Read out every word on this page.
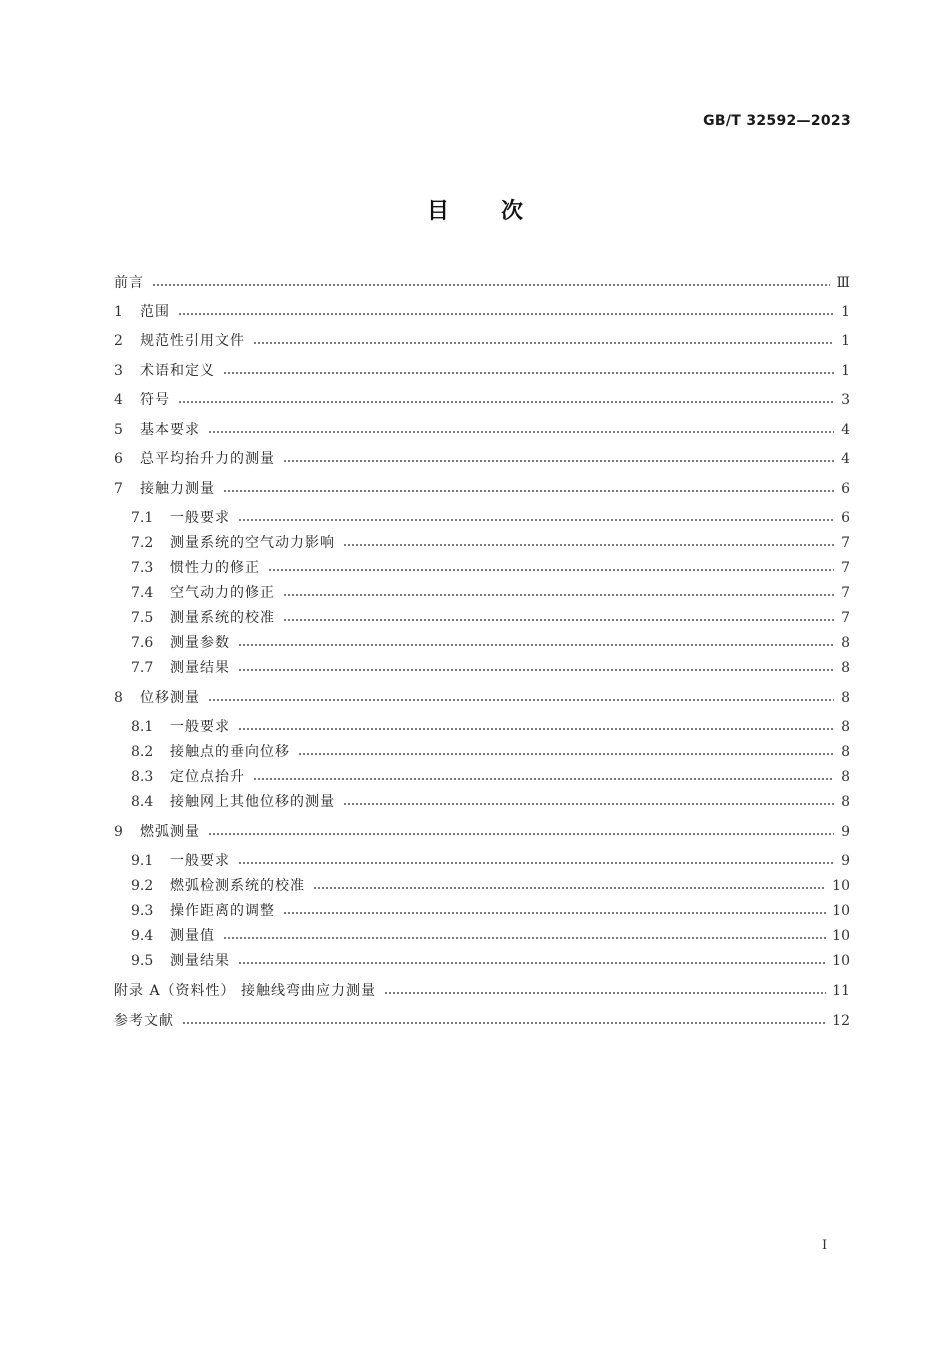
GB/T 32592—2023
目次
前言	Ⅲ
1	范围	1
2	规范性引用文件	1
3	术语和定义	1
4	符号	3
5	基本要求	4
6	总平均抬升力的测量	4
7	接触力测量	6
7.1	一般要求	6
7.2	测量系统的空气动力影响	7
7.3	惯性力的修正	7
7.4	空气动力的修正	7
7.5	测量系统的校准	7
7.6	测量参数	8
7.7	测量结果	8
8	位移测量	8
8.1	一般要求	8
8.2	接触点的垂向位移	8
8.3	定位点抬升	8
8.4	接触网上其他位移的测量	8
9	燃弧测量	9
9.1	一般要求	9
9.2	燃弧检测系统的校准	10
9.3	操作距离的调整	10
9.4	测量值	10
9.5	测量结果	10
附录 A（资料性） 接触线弯曲应力测量	11
参考文献	12
I
